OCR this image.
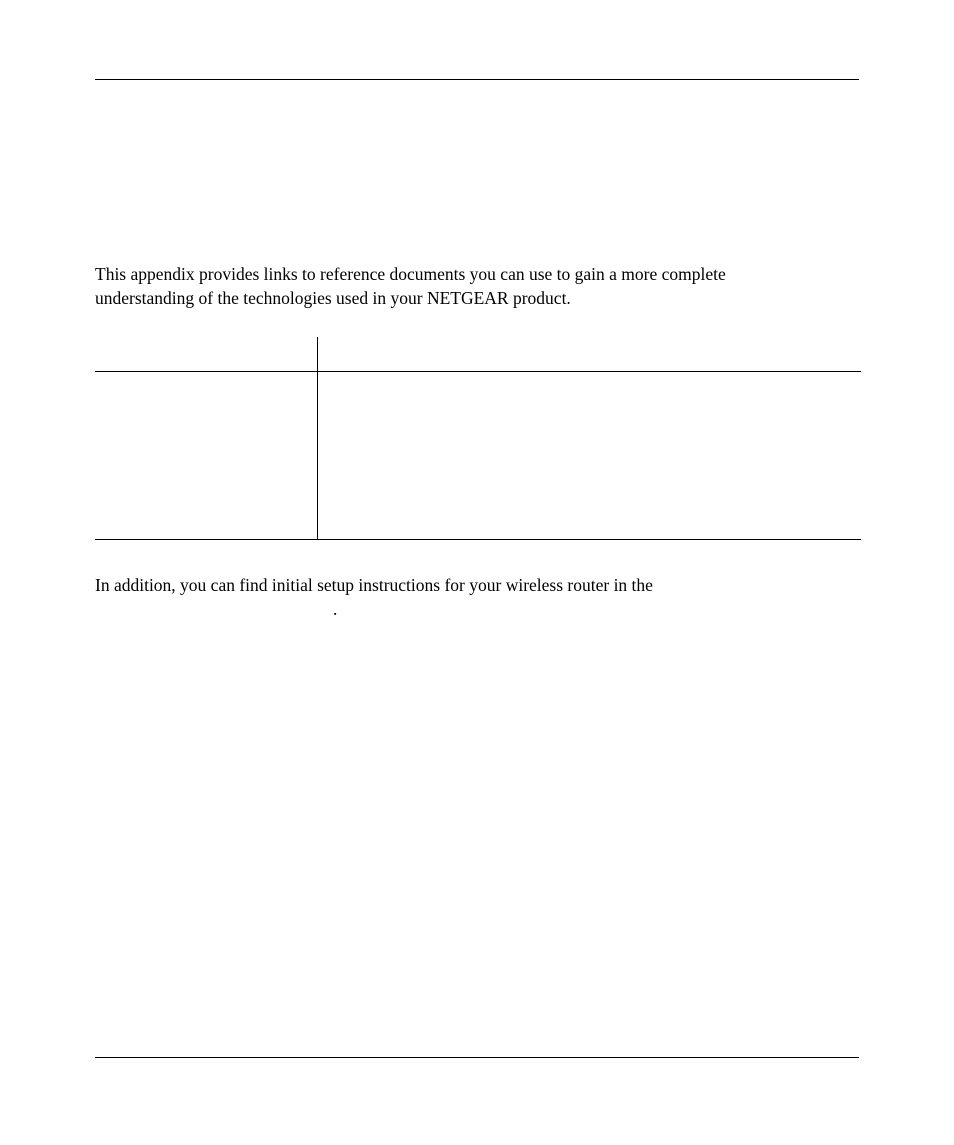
This appendix provides links to reference documents you can use to gain a more complete
understanding of the technologies used in your NETGEAR product.

In addition, you can find initial setup instructions for your wireless router in the

.
